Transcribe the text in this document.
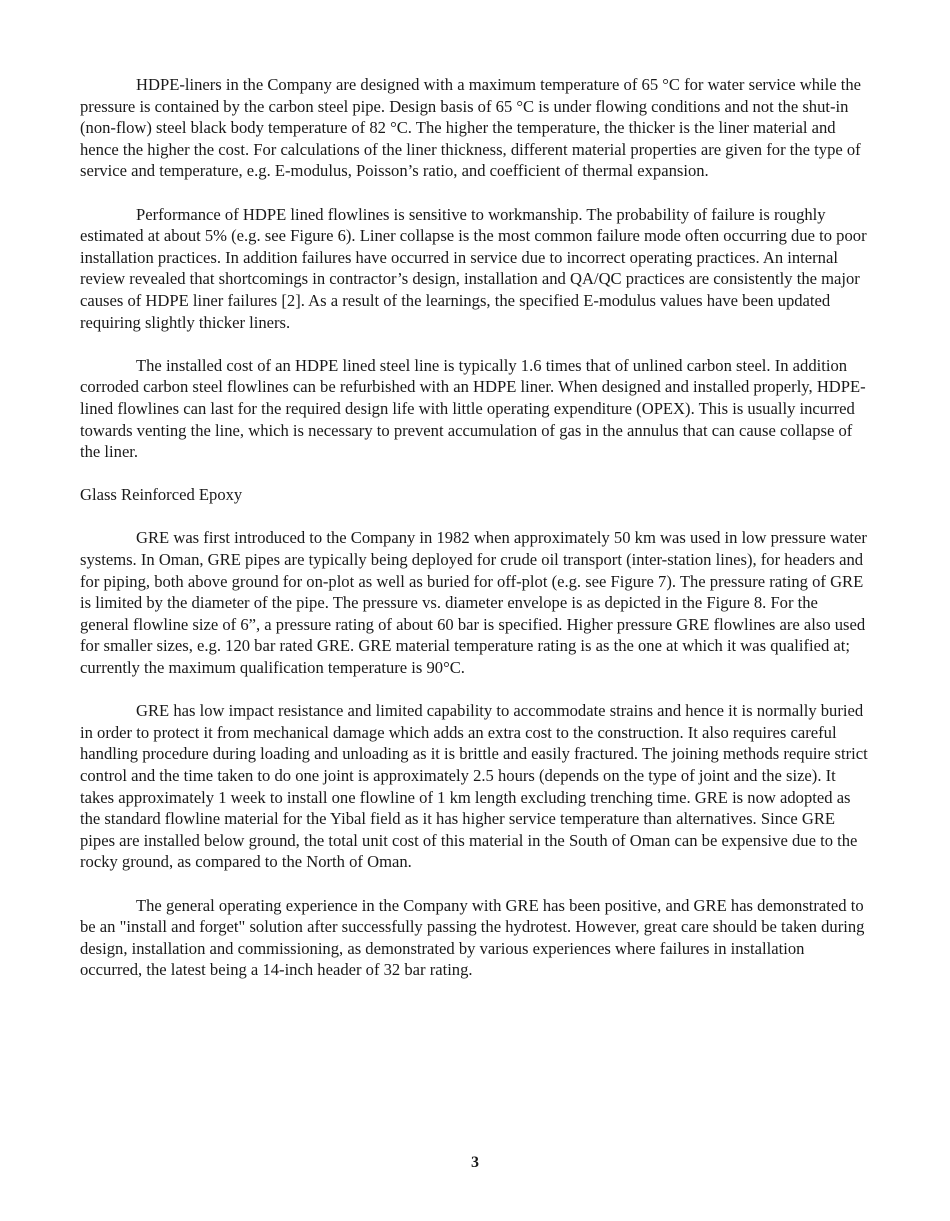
HDPE-liners in the Company are designed with a maximum temperature of 65 °C for water service while the pressure is contained by the carbon steel pipe. Design basis of 65 °C is under flowing conditions and not the shut-in (non-flow) steel black body temperature of 82 °C. The higher the temperature, the thicker is the liner material and hence the higher the cost. For calculations of the liner thickness, different material properties are given for the type of service and temperature, e.g. E-modulus, Poisson’s ratio, and coefficient of thermal expansion.

Performance of HDPE lined flowlines is sensitive to workmanship. The probability of failure is roughly estimated at about 5% (e.g. see Figure 6). Liner collapse is the most common failure mode often occurring due to poor installation practices. In addition failures have occurred in service due to incorrect operating practices. An internal review revealed that shortcomings in contractor’s design, installation and QA/QC practices are consistently the major causes of HDPE liner failures [2]. As a result of the learnings, the specified E-modulus values have been updated requiring slightly thicker liners.

The installed cost of an HDPE lined steel line is typically 1.6 times that of unlined carbon steel. In addition corroded carbon steel flowlines can be refurbished with an HDPE liner. When designed and installed properly, HDPE-lined flowlines can last for the required design life with little operating expenditure (OPEX). This is usually incurred towards venting the line, which is necessary to prevent accumulation of gas in the annulus that can cause collapse of the liner.

Glass Reinforced Epoxy

GRE was first introduced to the Company in 1982 when approximately 50 km was used in low pressure water systems. In Oman, GRE pipes are typically being deployed for crude oil transport (inter-station lines), for headers and for piping, both above ground for on-plot as well as buried for off-plot (e.g. see Figure 7). The pressure rating of GRE is limited by the diameter of the pipe. The pressure vs. diameter envelope is as depicted in the Figure 8. For the general flowline size of 6”, a pressure rating of about 60 bar is specified. Higher pressure GRE flowlines are also used for smaller sizes, e.g. 120 bar rated GRE. GRE material temperature rating is as the one at which it was qualified at; currently the maximum qualification temperature is 90°C.

GRE has low impact resistance and limited capability to accommodate strains and hence it is normally buried in order to protect it from mechanical damage which adds an extra cost to the construction. It also requires careful handling procedure during loading and unloading as it is brittle and easily fractured. The joining methods require strict control and the time taken to do one joint is approximately 2.5 hours (depends on the type of joint and the size). It takes approximately 1 week to install one flowline of 1 km length excluding trenching time. GRE is now adopted as the standard flowline material for the Yibal field as it has higher service temperature than alternatives. Since GRE pipes are installed below ground, the total unit cost of this material in the South of Oman can be expensive due to the rocky ground, as compared to the North of Oman.

The general operating experience in the Company with GRE has been positive, and GRE has demonstrated to be an "install and forget" solution after successfully passing the hydrotest. However, great care should be taken during design, installation and commissioning, as demonstrated by various experiences where failures in installation occurred, the latest being a 14-inch header of 32 bar rating.

3
